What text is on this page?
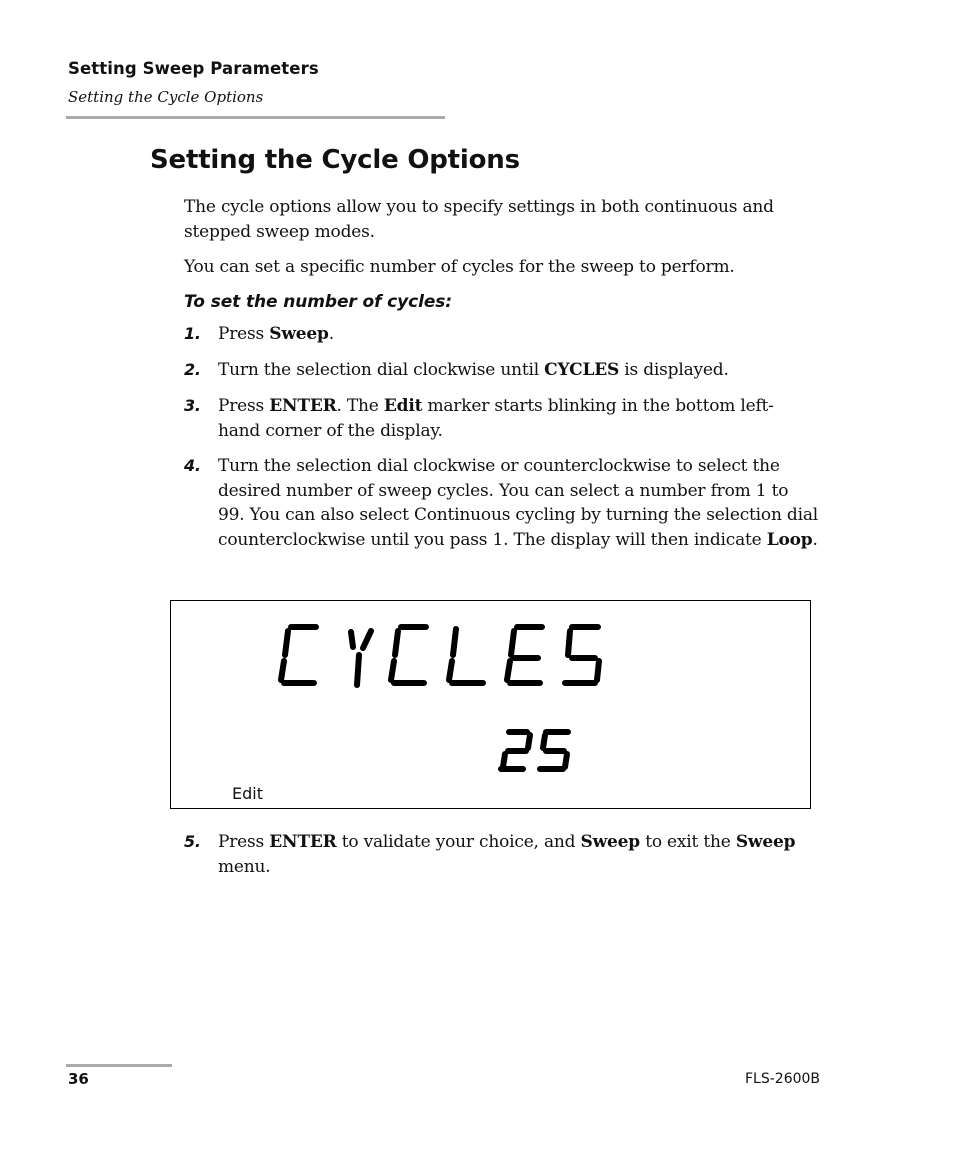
Setting Sweep Parameters
Setting the Cycle Options
Setting the Cycle Options

The cycle options allow you to specify settings in both continuous and stepped sweep modes.

You can set a specific number of cycles for the sweep to perform.

To set the number of cycles:
1. Press Sweep.
2. Turn the selection dial clockwise until CYCLES is displayed.
3. Press ENTER. The Edit marker starts blinking in the bottom left-hand corner of the display.
4. Turn the selection dial clockwise or counterclockwise to select the desired number of sweep cycles. You can select a number from 1 to 99. You can also select Continuous cycling by turning the selection dial counterclockwise until you pass 1. The display will then indicate Loop.
Edit
5. Press ENTER to validate your choice, and Sweep to exit the Sweep menu.
36	FLS-2600B
